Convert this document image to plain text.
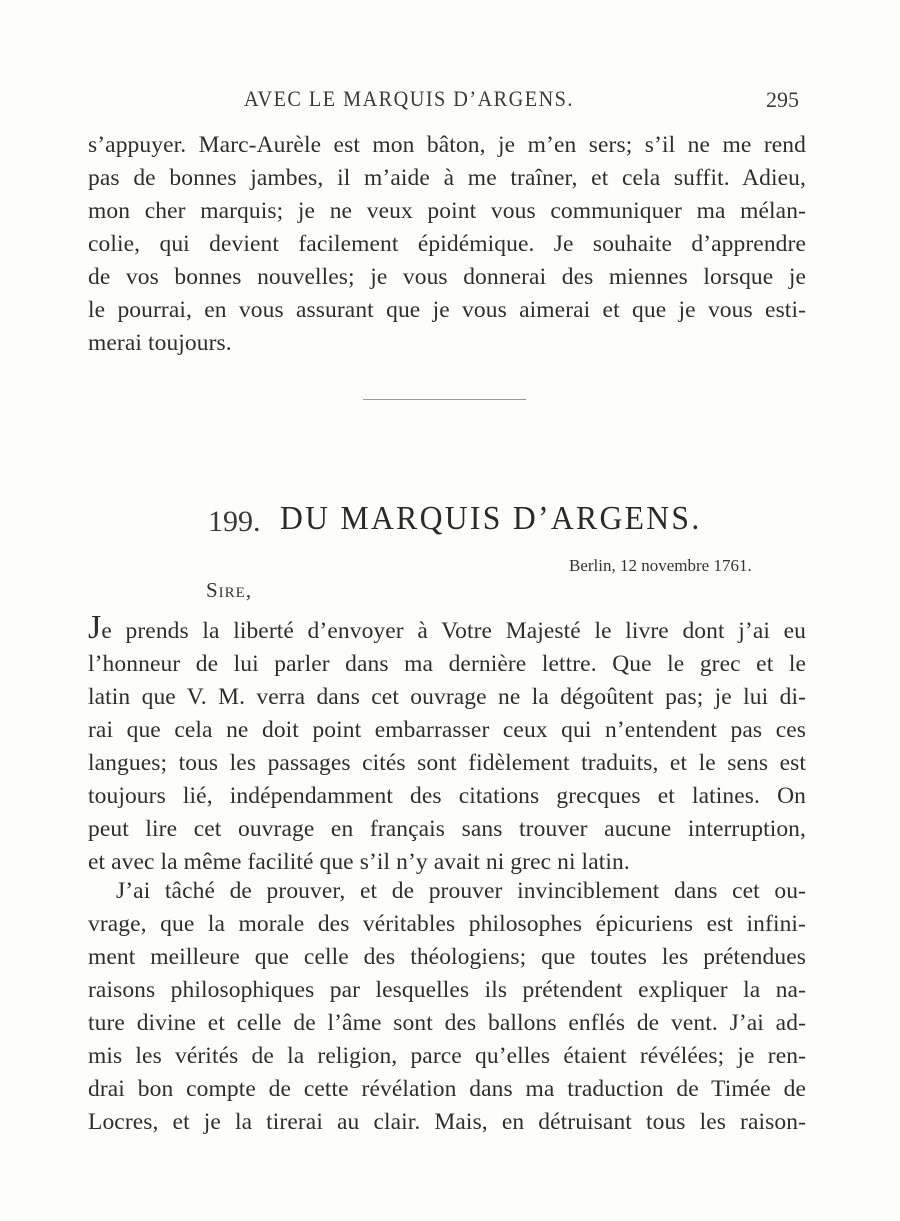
AVEC LE MARQUIS D’ARGENS.	295
s’appuyer. Marc-Aurèle est mon bâton, je m’en sers; s’il ne me rend
pas de bonnes jambes, il m’aide à me traîner, et cela suffit. Adieu,
mon cher marquis; je ne veux point vous communiquer ma mélan-
colie, qui devient facilement épidémique. Je souhaite d’apprendre
de vos bonnes nouvelles; je vous donnerai des miennes lorsque je
le pourrai, en vous assurant que je vous aimerai et que je vous esti-
merai toujours.
199. DU MARQUIS D’ARGENS.
Berlin, 12 novembre 1761.
Sire,
Je prends la liberté d’envoyer à Votre Majesté le livre dont j’ai eu
l’honneur de lui parler dans ma dernière lettre. Que le grec et le
latin que V. M. verra dans cet ouvrage ne la dégoûtent pas; je lui di-
rai que cela ne doit point embarrasser ceux qui n’entendent pas ces
langues; tous les passages cités sont fidèlement traduits, et le sens est
toujours lié, indépendamment des citations grecques et latines. On
peut lire cet ouvrage en français sans trouver aucune interruption,
et avec la même facilité que s’il n’y avait ni grec ni latin.
J’ai tâché de prouver, et de prouver invinciblement dans cet ou-
vrage, que la morale des véritables philosophes épicuriens est infini-
ment meilleure que celle des théologiens; que toutes les prétendues
raisons philosophiques par lesquelles ils prétendent expliquer la na-
ture divine et celle de l’âme sont des ballons enflés de vent. J’ai ad-
mis les vérités de la religion, parce qu’elles étaient révélées; je ren-
drai bon compte de cette révélation dans ma traduction de Timée de
Locres, et je la tirerai au clair. Mais, en détruisant tous les raison-
